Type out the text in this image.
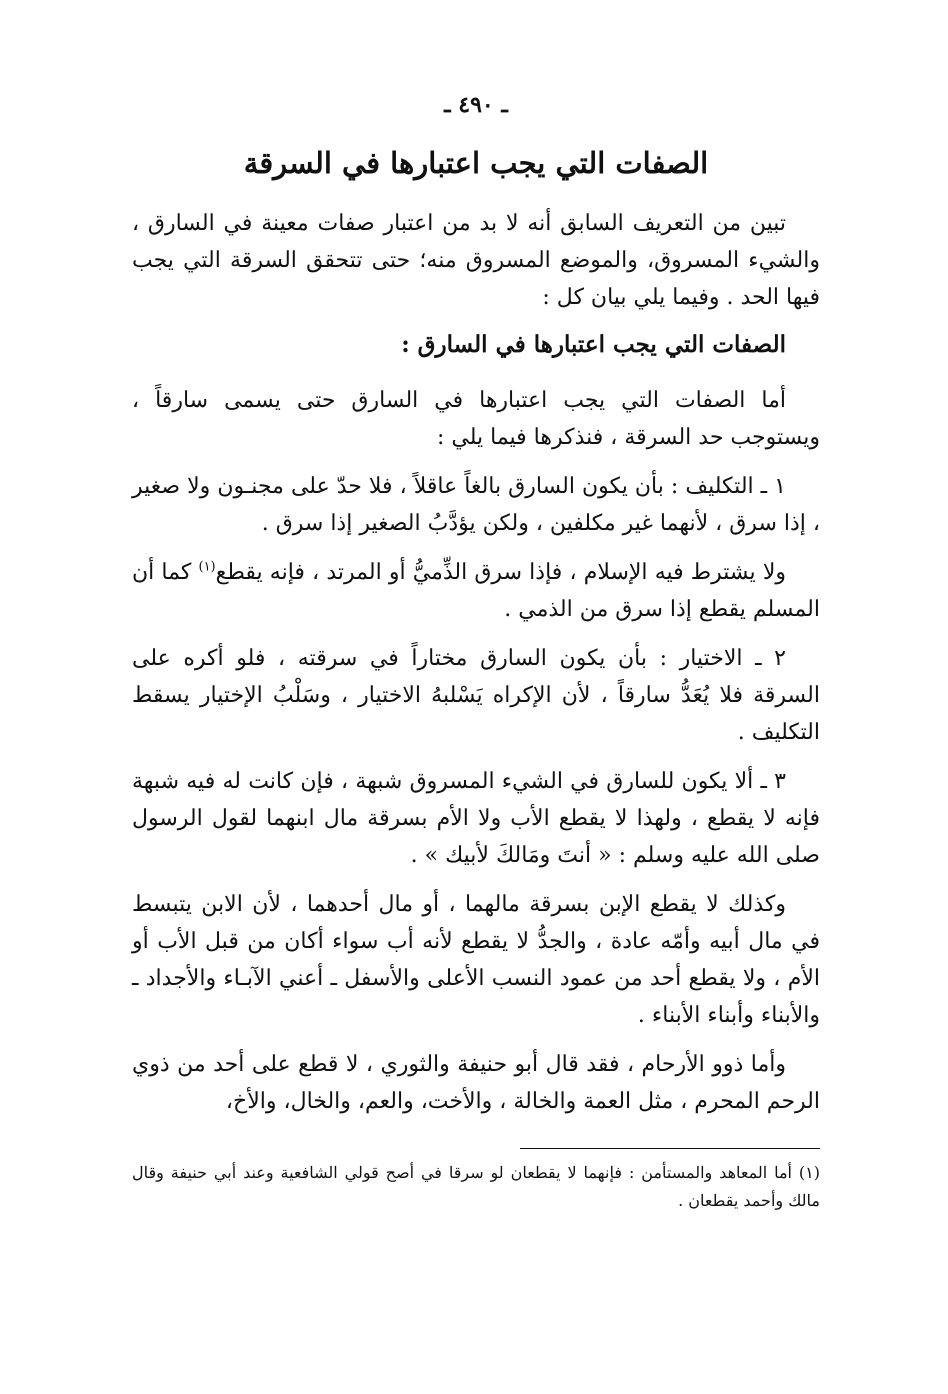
ـ ٤٩٠ ـ
الصفات التي يجب اعتبارها في السرقة

تبين من التعريف السابق أنه لا بد من اعتبار صفات معينة في السارق ، والشيء المسروق، والموضع المسروق منه؛ حتى تتحقق السرقة التي يجب فيها الحد . وفيما يلي بيان كل :

الصفات التي يجب اعتبارها في السارق :

أما الصفات التي يجب اعتبارها في السارق حتى يسمى سارقاً ، ويستوجب حد السرقة ، فنذكرها فيما يلي :

١ ـ التكليف : بأن يكون السارق بالغاً عاقلاً ، فلا حدّ على مجنـون ولا صغير ، إذا سرق ، لأنهما غير مكلفين ، ولكن يؤدَّبُ الصغير إذا سرق .

ولا يشترط فيه الإسلام ، فإذا سرق الذِّميُّ أو المرتد ، فإنه يقطع$^{(١)}$ كما أن المسلم يقطع إذا سرق من الذمي .

٢ ـ الاختيار : بأن يكون السارق مختاراً في سرقته ، فلو أكره على السرقة فلا يُعَدُّ سارقاً ، لأن الإكراه يَسْلبهُ الاختيار ، وسَلْبُ الإختيار يسقط التكليف .

٣ ـ ألا يكون للسارق في الشيء المسروق شبهة ، فإن كانت له فيه شبهة فإنه لا يقطع ، ولهذا لا يقطع الأب ولا الأم بسرقة مال ابنهما لقول الرسول صلى الله عليه وسلم : « أنتَ ومَالكَ لأبيك » .

وكذلك لا يقطع الإبن بسرقة مالهما ، أو مال أحدهما ، لأن الابن يتبسط في مال أبيه وأمّه عادة ، والجدُّ لا يقطع لأنه أب سواء أكان من قبل الأب أو الأم ، ولا يقطع أحد من عمود النسب الأعلى والأسفل ـ أعني الآبـاء والأجداد ـ والأبناء وأبناء الأبناء .

وأما ذوو الأرحام ، فقد قال أبو حنيفة والثوري ، لا قطع على أحد من ذوي الرحم المحرم ، مثل العمة والخالة ، والأخت، والعم، والخال، والأخ،

(١) أما المعاهد والمستأمن : فإنهما لا يقطعان لو سرقا في أصح قولي الشافعية وعند أبي حنيفة وقال مالك وأحمد يقطعان .
